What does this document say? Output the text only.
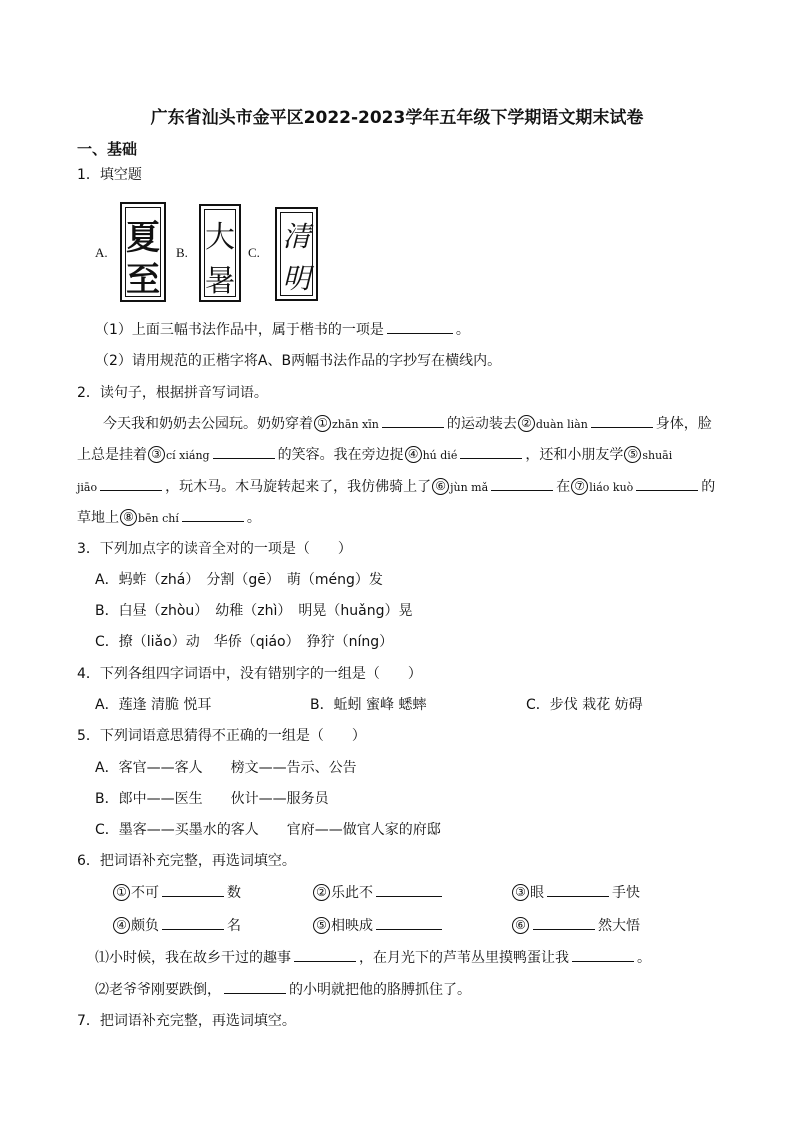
广东省汕头市金平区2022-2023学年五年级下学期语文期末试卷
一、基础
1．填空题
A. 夏
至
B. 大
暑
C. 清
明
（1）上面三幅书法作品中，属于楷书的一项是	。
（2）请用规范的正楷字将A、B两幅书法作品的字抄写在横线内。
2．读句子，根据拼音写词语。
今天我和奶奶去公园玩。奶奶穿着 ① zhān xīn	的运动装去 ② duàn liàn	身体，脸
上总是挂着 ③ cí xiáng	的笑容。我在旁边捉 ④ hú dié	，还和小朋友学 ⑤ shuāi
jiāo	，玩木马。木马旋转起来了，我仿佛骑上了 ⑥ jùn mǎ	在 ⑦ liáo kuò	的
草地上 ⑧ bēn chí	。
3．下列加点字的读音全对的一项是（　　）
A．蚂蚱（zhá）　分割（gē）　萌（méng）发
B．白昼（zhòu）　幼稚（zhì）　明晃（huǎng）晃
C．撩（liǎo）动　华侨（qiáo）　狰狞（níng）
4．下列各组四字词语中，没有错别字的一组是（　　）
A．莲逢 清脆 悦耳	B．蚯蚓 蜜峰 蟋蟀	C．步伐 栽花 妨碍
5．下列词语意思猜得不正确的一组是（　　）
A．客官——客人　　榜文——告示、公告
B．郎中——医生　　伙计——服务员
C．墨客——买墨水的客人　　官府——做官人家的府邸
6．把词语补充完整，再选词填空。
① 不可	数	② 乐此不	③ 眼	手快
④ 颇负	名	⑤ 相映成	⑥	然大悟
⑴小时候，我在故乡干过的趣事	，在月光下的芦苇丛里摸鸭蛋让我	。
⑵老爷爷刚要跌倒，	的小明就把他的胳膊抓住了。
7．把词语补充完整，再选词填空。
